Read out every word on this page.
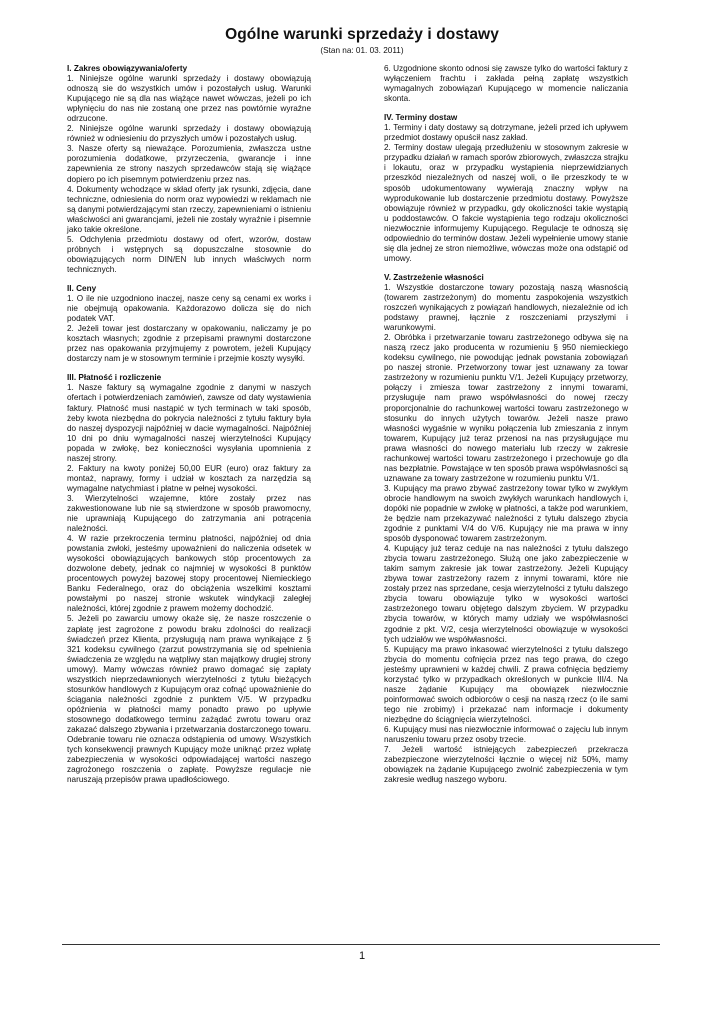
Ogólne warunki sprzedaży i dostawy
(Stan na: 01. 03. 2011)

I. Zakres obowiązywania/oferty

1. Niniejsze ogólne warunki sprzedaży i dostawy obowiązują odnoszą sie do wszystkich umów i pozostałych usług. Warunki Kupującego nie są dla nas wiążące nawet wówczas, jeżeli po ich wpłynięciu do nas nie zostaną one przez nas powtórnie wyraźne odrzucone.

2. Niniejsze ogólne warunki sprzedaży i dostawy obowiązują również w odniesieniu do przyszłych umów i pozostałych usług.

3. Nasze oferty są nieważące. Porozumienia, zwłaszcza ustne porozumienia dodatkowe, przyrzeczenia, gwarancje i inne zapewnienia ze strony naszych sprzedawców stają się wiążące dopiero po ich pisemnym potwierdzeniu przez nas.

4. Dokumenty wchodzące w skład oferty jak rysunki, zdjęcia, dane techniczne, odniesienia do norm oraz wypowiedzi w reklamach nie są danymi potwierdzającymi stan rzeczy, zapewnieniami o istnieniu właściwości ani gwarancjami, jeżeli nie zostały wyraźnie i pisemnie jako takie określone.

5. Odchylenia przedmiotu dostawy od ofert, wzorów, dostaw próbnych i wstępnych są dopuszczalne stosownie do obowiązujących norm DIN/EN lub innych właściwych norm technicznych.

II. Ceny

1. O ile nie uzgodniono inaczej, nasze ceny są cenami ex works i nie obejmują opakowania. Każdorazowo dolicza się do nich podatek VAT.

2. Jeżeli towar jest dostarczany w opakowaniu, naliczamy je po kosztach własnych; zgodnie z przepisami prawnymi dostarczone przez nas opakowania przyjmujemy z powrotem, jeżeli Kupujący dostarczy nam je w stosownym terminie i przejmie koszty wysyłki.

III. Płatność i rozliczenie

1. Nasze faktury są wymagalne zgodnie z danymi w naszych ofertach i potwierdzeniach zamówień, zawsze od daty wystawienia faktury. Płatność musi nastąpić w tych terminach w taki sposób, żeby kwota niezbędna do pokrycia należności z tytułu faktury była do naszej dyspozycji najpóźniej w dacie wymagalności. Najpóźniej 10 dni po dniu wymagalności naszej wierzytelności Kupujący popada w zwłokę, bez konieczności wysyłania upomnienia z naszej strony.

2. Faktury na kwoty poniżej 50,00 EUR (euro) oraz faktury za montaż, naprawy, formy i udział w kosztach za narzędzia są wymagalne natychmiast i płatne w pełnej wysokości.

3. Wierzytelności wzajemne, które zostały przez nas zakwestionowane lub nie są stwierdzone w sposób prawomocny, nie uprawniają Kupującego do zatrzymania ani potrącenia należności.

4. W razie przekroczenia terminu płatności, najpóźniej od dnia powstania zwłoki, jesteśmy upoważnieni do naliczenia odsetek w wysokości obowiązujących bankowych stóp procentowych za dozwolone debety, jednak co najmniej w wysokości 8 punktów procentowych powyżej bazowej stopy procentowej Niemieckiego Banku Federalnego, oraz do obciążenia wszelkimi kosztami powstałymi po naszej stronie wskutek windykacji zaległej należności, której zgodnie z prawem możemy dochodzić.

5. Jeżeli po zawarciu umowy okaże się, że nasze roszczenie o zapłatę jest zagrożone z powodu braku zdolności do realizacji świadczeń przez Klienta, przysługują nam prawa wynikające z § 321 kodeksu cywilnego (zarzut powstrzymania się od spełnienia świadczenia ze względu na wątpliwy stan majątkowy drugiej strony umowy). Mamy wówczas również prawo domagać się zapłaty wszystkich nieprzedawnionych wierzytelności z tytułu bieżących stosunków handlowych z Kupującym oraz cofnąć upoważnienie do ściągania należności zgodnie z punktem V/5. W przypadku opóźnienia w płatności mamy ponadto prawo po upływie stosownego dodatkowego terminu zażądać zwrotu towaru oraz zakazać dalszego zbywania i przetwarzania dostarczonego towaru. Odebranie towaru nie oznacza odstąpienia od umowy. Wszystkich tych konsekwencji prawnych Kupujący może uniknąć przez wpłatę zabezpieczenia w wysokości odpowiadającej wartości naszego zagrożonego roszczenia o zapłatę. Powyższe regulacje nie naruszają przepisów prawa upadłościowego.

6. Uzgodnione skonto odnosi się zawsze tylko do wartości faktury z wyłączeniem frachtu i zakłada pełną zapłatę wszystkich wymagalnych zobowiązań Kupującego w momencie naliczania skonta.

IV. Terminy dostaw

1. Terminy i daty dostawy są dotrzymane, jeżeli przed ich upływem przedmiot dostawy opuścił nasz zakład.

2. Terminy dostaw ulegają przedłużeniu w stosownym zakresie w przypadku działań w ramach sporów zbiorowych, zwłaszcza strajku i lokautu, oraz w przypadku wystąpienia nieprzewidzianych przeszkód niezależnych od naszej woli, o ile przeszkody te w sposób udokumentowany wywierają znaczny wpływ na wyprodukowanie lub dostarczenie przedmiotu dostawy. Powyższe obowiązuje również w przypadku, gdy okoliczności takie wystąpią u poddostawców. O fakcie wystąpienia tego rodzaju okoliczności niezwłocznie informujemy Kupującego. Regulacje te odnoszą się odpowiednio do terminów dostaw. Jeżeli wypełnienie umowy stanie się dla jednej ze stron niemożliwe, wówczas może ona odstąpić od umowy.

V. Zastrzeżenie własności

1. Wszystkie dostarczone towary pozostają naszą własnością (towarem zastrzeżonym) do momentu zaspokojenia wszystkich roszczeń wynikających z powiązań handlowych, niezależnie od ich podstawy prawnej, łącznie z roszczeniami przyszłymi i warunkowymi.

2. Obróbka i przetwarzanie towaru zastrzeżonego odbywa się na naszą rzecz jako producenta w rozumieniu § 950 niemieckiego kodeksu cywilnego, nie powodując jednak powstania zobowiązań po naszej stronie. Przetworzony towar jest uznawany za towar zastrzeżony w rozumieniu punktu V/1. Jeżeli Kupujący przetworzy, połączy i zmiesza towar zastrzeżony z innymi towarami, przysługuje nam prawo współwłasności do nowej rzeczy proporcjonalnie do rachunkowej wartości towaru zastrzeżonego w stosunku do innych użytych towarów. Jeżeli nasze prawo własności wygaśnie w wyniku połączenia lub zmieszania z innym towarem, Kupujący już teraz przenosi na nas przysługujące mu prawa własności do nowego materiału lub rzeczy w zakresie rachunkowej wartości towaru zastrzeżonego i przechowuje go dla nas bezpłatnie. Powstające w ten sposób prawa współwłasności są uznawane za towary zastrzeżone w rozumieniu punktu V/1.

3. Kupujący ma prawo zbywać zastrzeżony towar tylko w zwykłym obrocie handlowym na swoich zwykłych warunkach handlowych i, dopóki nie popadnie w zwłokę w płatności, a także pod warunkiem, że będzie nam przekazywać należności z tytułu dalszego zbycia zgodnie z punktami V/4 do V/6. Kupujący nie ma prawa w inny sposób dysponować towarem zastrzeżonym.

4. Kupujący już teraz ceduje na nas należności z tytułu dalszego zbycia towaru zastrzeżonego. Służą one jako zabezpieczenie w takim samym zakresie jak towar zastrzeżony. Jeżeli Kupujący zbywa towar zastrzeżony razem z innymi towarami, które nie zostały przez nas sprzedane, cesja wierzytelności z tytułu dalszego zbycia towaru obowiązuje tylko w wysokości wartości zastrzeżonego towaru objętego dalszym zbyciem. W przypadku zbycia towarów, w których mamy udziały we współwłasności zgodnie z pkt. V/2, cesja wierzytelności obowiązuje w wysokości tych udziałów we współwłasności.

5. Kupujący ma prawo inkasować wierzytelności z tytułu dalszego zbycia do momentu cofnięcia przez nas tego prawa, do czego jesteśmy uprawnieni w każdej chwili. Z prawa cofnięcia będziemy korzystać tylko w przypadkach określonych w punkcie III/4. Na nasze żądanie Kupujący ma obowiązek niezwłocznie poinformować swoich odbiorców o cesji na naszą rzecz (o ile sami tego nie zrobimy) i przekazać nam informacje i dokumenty niezbędne do ściągnięcia wierzytelności.

6. Kupujący musi nas niezwłocznie informować o zajęciu lub innym naruszeniu towaru przez osoby trzecie.

7. Jeżeli wartość istniejących zabezpieczeń przekracza zabezpieczone wierzytelności łącznie o więcej niż 50%, mamy obowiązek na żądanie Kupującego zwolnić zabezpieczenia w tym zakresie według naszego wyboru.

1
